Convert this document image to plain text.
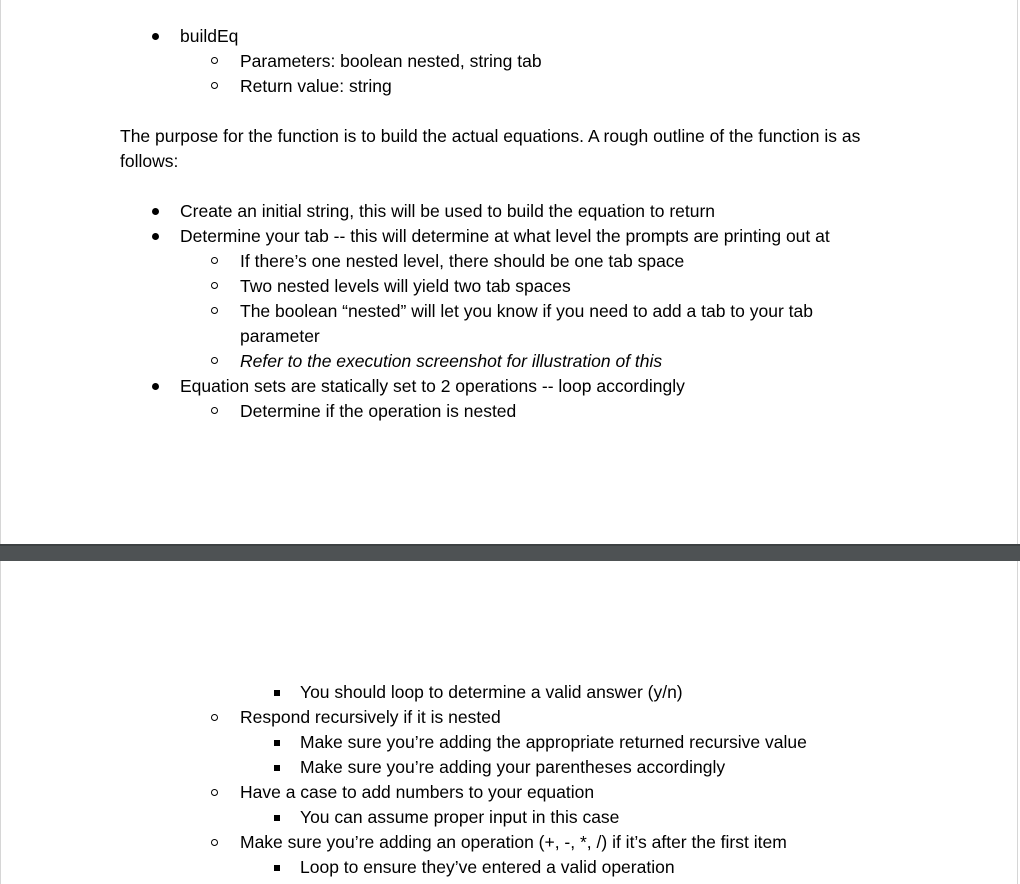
buildEq
Parameters: boolean nested, string tab
Return value: string
The purpose for the function is to build the actual equations. A rough outline of the function is as
follows:
Create an initial string, this will be used to build the equation to return
Determine your tab -- this will determine at what level the prompts are printing out at
If there’s one nested level, there should be one tab space
Two nested levels will yield two tab spaces
The boolean “nested” will let you know if you need to add a tab to your tab
parameter
Refer to the execution screenshot for illustration of this
Equation sets are statically set to 2 operations -- loop accordingly
Determine if the operation is nested
You should loop to determine a valid answer (y/n)
Respond recursively if it is nested
Make sure you’re adding the appropriate returned recursive value
Make sure you’re adding your parentheses accordingly
Have a case to add numbers to your equation
You can assume proper input in this case
Make sure you’re adding an operation (+, -, *, /) if it’s after the first item
Loop to ensure they’ve entered a valid operation
